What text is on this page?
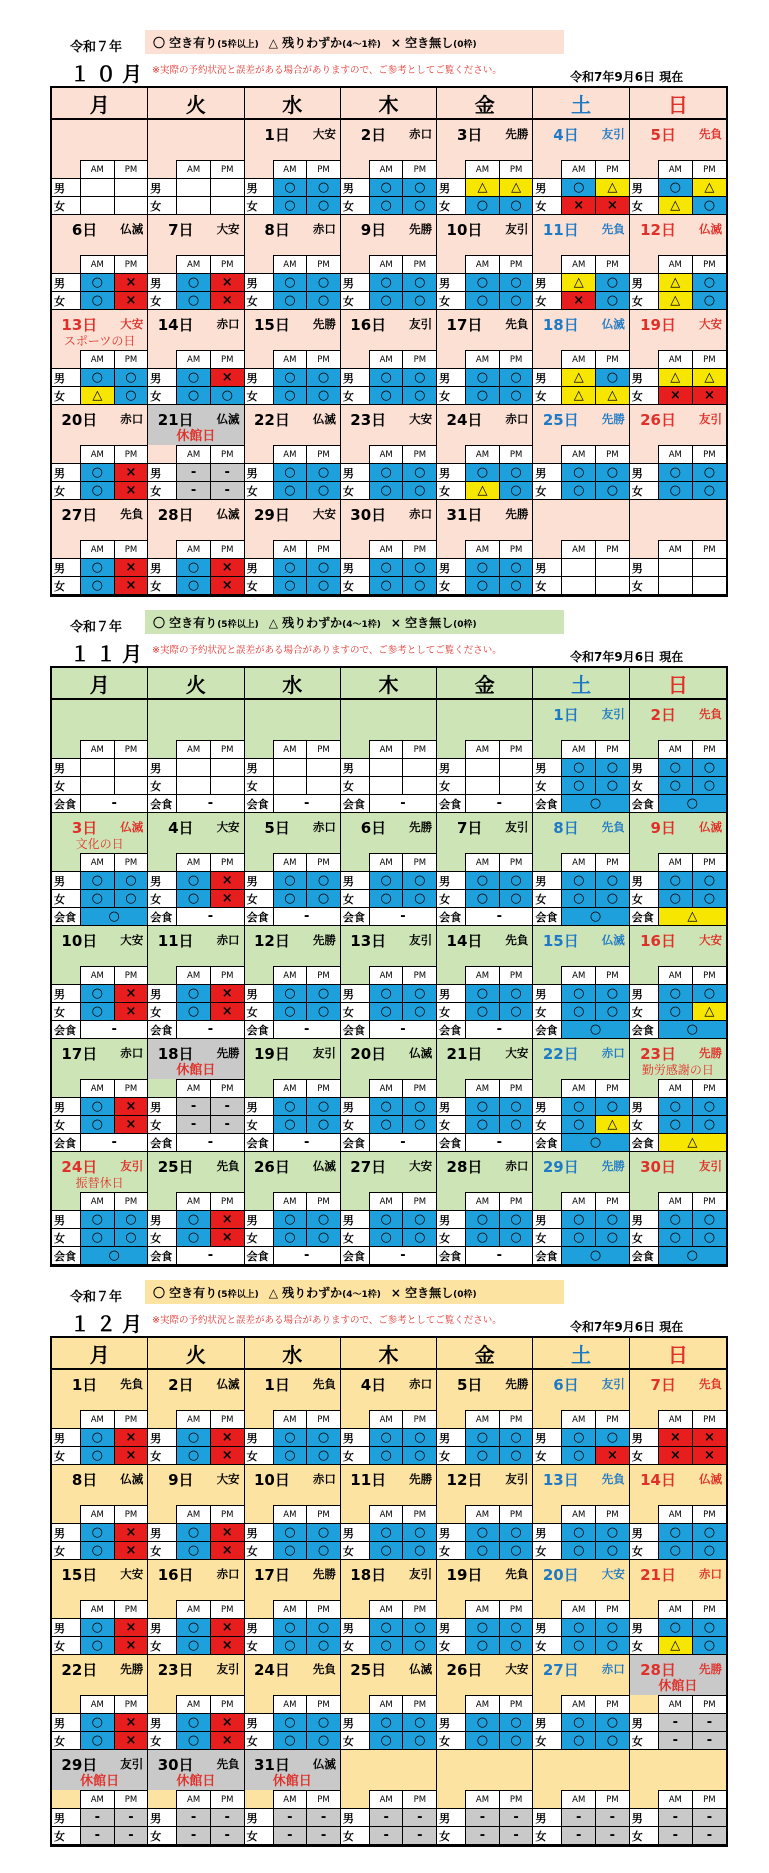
令和７年	〇 空き有り(5枠以上) △ 残りわずか(4～1枠) × 空き無し(0枠)
１０月 ※実際の予約状況と誤差がある場合がありますので、ご参考としてご覧ください。	令和7年9月6日 現在
月	火	水	木	金	土	日
AM	PM
男
女
AM	PM
男
女
1日 大安
AM	PM
男	○	○
女	○	○
2日 赤口
AM	PM
男	○	○
女	○	○
3日 先勝
AM	PM
男	△	△
女	○	○
4日 友引
AM	PM
男	○	△
女	×	×
5日 先負
AM	PM
男	○	△
女	△	○
6日 仏滅
AM	PM
男	○	×
女	○	×
7日 大安
AM	PM
男	○	×
女	○	×
8日 赤口
AM	PM
男	○	○
女	○	○
9日 先勝
AM	PM
男	○	○
女	○	○
10日 友引
AM	PM
男	○	○
女	○	○
11日 先負
AM	PM
男	△	○
女	×	○
12日 仏滅
AM	PM
男	△	○
女	△	○
13日 大安
スポーツの日
AM	PM
男	○	○
女	△	○
14日 赤口
AM	PM
男	○	×
女	○	○
15日 先勝
AM	PM
男	○	○
女	○	○
16日 友引
AM	PM
男	○	○
女	○	○
17日 先負
AM	PM
男	○	○
女	○	○
18日 仏滅
AM	PM
男	△	○
女	△	△
19日 大安
AM	PM
男	△	△
女	×	×
20日 赤口
AM	PM
男	○	×
女	○	×
21日 仏滅
休館日
AM	PM
男	-	-
女	-	-
22日 仏滅
AM	PM
男	○	○
女	○	○
23日 大安
AM	PM
男	○	○
女	○	○
24日 赤口
AM	PM
男	○	○
女	△	○
25日 先勝
AM	PM
男	○	○
女	○	○
26日 友引
AM	PM
男	○	○
女	○	○
27日 先負
AM	PM
男	○	×
女	○	×
28日 仏滅
AM	PM
男	○	×
女	○	×
29日 大安
AM	PM
男	○	○
女	○	○
30日 赤口
AM	PM
男	○	○
女	○	○
31日 先勝
AM	PM
男	○	○
女	○	○
AM	PM
男
女
AM	PM
男
女
令和７年	〇 空き有り(5枠以上) △ 残りわずか(4～1枠) × 空き無し(0枠)
１１月 ※実際の予約状況と誤差がある場合がありますので、ご参考としてご覧ください。	令和7年9月6日 現在
月	火	水	木	金	土	日
AM	PM
男
女
会食	-
AM	PM
男
女
会食	-
AM	PM
男
女
会食	-
AM	PM
男
女
会食	-
AM	PM
男
女
会食	-
1日 友引
AM	PM
男	○	○
女	○	○
会食	○
2日 先負
AM	PM
男	○	○
女	○	○
会食	○
3日 仏滅
文化の日
AM	PM
男	○	○
女	○	○
会食	○
4日 大安
AM	PM
男	○	×
女	○	×
会食	-
5日 赤口
AM	PM
男	○	○
女	○	○
会食	-
6日 先勝
AM	PM
男	○	○
女	○	○
会食	-
7日 友引
AM	PM
男	○	○
女	○	○
会食	-
8日 先負
AM	PM
男	○	○
女	○	○
会食	○
9日 仏滅
AM	PM
男	○	○
女	○	○
会食	△
10日 大安
AM	PM
男	○	×
女	○	×
会食	-
11日 赤口
AM	PM
男	○	×
女	○	×
会食	-
12日 先勝
AM	PM
男	○	○
女	○	○
会食	-
13日 友引
AM	PM
男	○	○
女	○	○
会食	-
14日 先負
AM	PM
男	○	○
女	○	○
会食	-
15日 仏滅
AM	PM
男	○	○
女	○	○
会食	○
16日 大安
AM	PM
男	○	○
女	○	△
会食	○
17日 赤口
AM	PM
男	○	×
女	○	×
会食	-
18日 先勝
休館日
AM	PM
男	-	-
女	-	-
会食	-
19日 友引
AM	PM
男	○	○
女	○	○
会食	-
20日 仏滅
AM	PM
男	○	○
女	○	○
会食	-
21日 大安
AM	PM
男	○	○
女	○	○
会食	-
22日 赤口
AM	PM
男	○	○
女	○	△
会食	○
23日 先勝
勤労感謝の日
AM	PM
男	○	○
女	○	○
会食	△
24日 友引
振替休日
AM	PM
男	○	○
女	○	○
会食	○
25日 先負
AM	PM
男	○	×
女	○	×
会食	-
26日 仏滅
AM	PM
男	○	○
女	○	○
会食	-
27日 大安
AM	PM
男	○	○
女	○	○
会食	-
28日 赤口
AM	PM
男	○	○
女	○	○
会食	-
29日 先勝
AM	PM
男	○	○
女	○	○
会食	○
30日 友引
AM	PM
男	○	○
女	○	○
会食	○
令和７年	〇 空き有り(5枠以上) △ 残りわずか(4～1枠) × 空き無し(0枠)
１２月 ※実際の予約状況と誤差がある場合がありますので、ご参考としてご覧ください。	令和7年9月6日 現在
月	火	水	木	金	土	日
1日 先負
AM	PM
男	○	×
女	○	×
2日 仏滅
AM	PM
男	○	×
女	○	×
1日 先負
AM	PM
男	○	○
女	○	○
4日 赤口
AM	PM
男	○	○
女	○	○
5日 先勝
AM	PM
男	○	○
女	○	○
6日 友引
AM	PM
男	○	○
女	○	×
7日 先負
AM	PM
男	×	×
女	×	×
8日 仏滅
AM	PM
男	○	×
女	○	×
9日 大安
AM	PM
男	○	×
女	○	×
10日 赤口
AM	PM
男	○	○
女	○	○
11日 先勝
AM	PM
男	○	○
女	○	○
12日 友引
AM	PM
男	○	○
女	○	○
13日 先負
AM	PM
男	○	○
女	○	○
14日 仏滅
AM	PM
男	○	○
女	○	○
15日 大安
AM	PM
男	○	×
女	○	×
16日 赤口
AM	PM
男	○	×
女	○	×
17日 先勝
AM	PM
男	○	○
女	○	○
18日 友引
AM	PM
男	○	○
女	○	○
19日 先負
AM	PM
男	○	○
女	○	○
20日 大安
AM	PM
男	○	○
女	○	○
21日 赤口
AM	PM
男	○	○
女	△	○
22日 先勝
AM	PM
男	○	×
女	○	×
23日 友引
AM	PM
男	○	×
女	○	×
24日 先負
AM	PM
男	○	○
女	○	○
25日 仏滅
AM	PM
男	○	○
女	○	○
26日 大安
AM	PM
男	○	○
女	○	○
27日 赤口
AM	PM
男	○	○
女	○	○
28日 先勝
休館日
AM	PM
男	-	-
女	-	-
29日 友引
休館日
AM	PM
男	-	-
女	-	-
30日 先負
休館日
AM	PM
男	-	-
女	-	-
31日 仏滅
休館日
AM	PM
男	-	-
女	-	-
AM	PM
男	-	-
女	-	-
AM	PM
男	-	-
女	-	-
AM	PM
男	-	-
女	-	-
AM	PM
男	-	-
女	-	-
